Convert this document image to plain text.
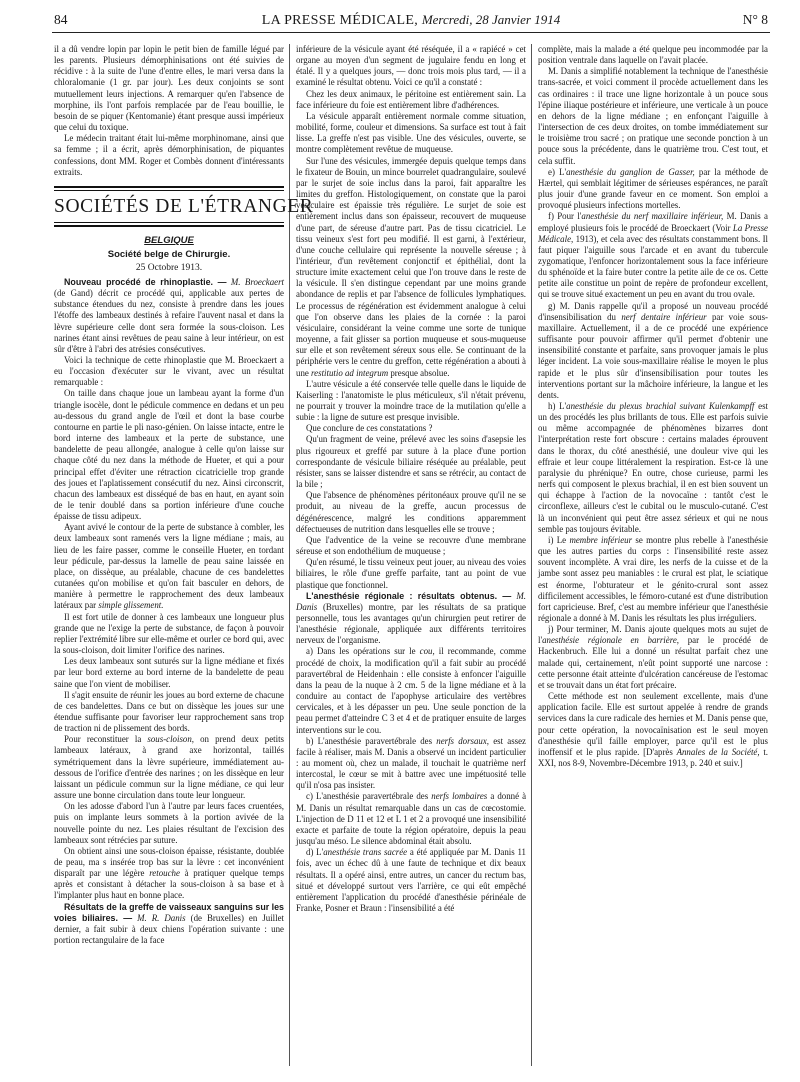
84	LA PRESSE MÉDICALE, Mercredi, 28 Janvier 1914	N° 8

il a dû vendre lopin par lopin le petit bien de famille légué par les parents. Plusieurs démorphinisations ont été suivies de récidive : à la suite de l'une d'entre elles, le mari versa dans la chloralomanie (1 gr. par jour). Les deux conjoints se sont mutuellement leurs injections. A remarquer qu'en l'absence de morphine, ils l'ont parfois remplacée par de l'eau bouillie, le besoin de se piquer (Kentomanie) étant presque aussi impérieux que celui du toxique.

Le médecin traitant était lui-même morphinomane, ainsi que sa femme ; il a écrit, après démorphinisation, de piquantes confessions, dont MM. Roger et Combès donnent d'intéressants extraits.

SOCIÉTÉS DE L'ÉTRANGER
BELGIQUE
Société belge de Chirurgie.
25 Octobre 1913.

Nouveau procédé de rhinoplastie. — M. Broeckaert (de Gand) décrit ce procédé qui, applicable aux pertes de substance étendues du nez, consiste à prendre dans les joues l'étoffe des lambeaux destinés à refaire l'auvent nasal et dans la lèvre supérieure celle dont sera formée la sous-cloison. Les narines étant ainsi revêtues de peau saine à leur intérieur, on est sûr d'être à l'abri des atrésies consécutives.

Voici la technique de cette rhinoplastie que M. Broeckaert a eu l'occasion d'exécuter sur le vivant, avec un résultat remarquable :

On taille dans chaque joue un lambeau ayant la forme d'un triangle isocèle, dont le pédicule commence en dedans et un peu au-dessous du grand angle de l'œil et dont la base courbe contourne en partie le pli naso-génien. On laisse intacte, entre le bord interne des lambeaux et la perte de substance, une bandelette de peau allongée, analogue à celle qu'on laisse sur chaque côté du nez dans la méthode de Hueter, et qui a pour principal effet d'éviter une rétraction cicatricielle trop grande des joues et l'aplatissement consécutif du nez. Ainsi circonscrit, chacun des lambeaux est disséqué de bas en haut, en ayant soin de le tenir doublé dans sa portion inférieure d'une couche épaisse de tissu adipeux.

Ayant avivé le contour de la perte de substance à combler, les deux lambeaux sont ramenés vers la ligne médiane ; mais, au lieu de les faire passer, comme le conseille Hueter, en tordant leur pédicule, par-dessus la lamelle de peau saine laissée en place, on dissèque, au préalable, chacune de ces bandelettes cutanées qu'on mobilise et qu'on fait basculer en dehors, de manière à permettre le rapprochement des deux lambeaux latéraux par simple glissement.

Il est fort utile de donner à ces lambeaux une longueur plus grande que ne l'exige la perte de substance, de façon à pouvoir replier l'extrémité libre sur elle-même et ourler ce bord qui, avec la sous-cloison, doit limiter l'orifice des narines.

Les deux lambeaux sont suturés sur la ligne médiane et fixés par leur bord externe au bord interne de la bandelette de peau saine que l'on vient de mobiliser.

Il s'agit ensuite de réunir les joues au bord externe de chacune de ces bandelettes. Dans ce but on dissèque les joues sur une étendue suffisante pour favoriser leur rapprochement sans trop de traction ni de plissement des bords.

Pour reconstituer la sous-cloison, on prend deux petits lambeaux latéraux, à grand axe horizontal, taillés symétriquement dans la lèvre supérieure, immédiatement au-dessous de l'orifice d'entrée des narines ; on les dissèque en leur laissant un pédicule commun sur la ligne médiane, ce qui leur assure une bonne circulation dans toute leur longueur.

On les adosse d'abord l'un à l'autre par leurs faces cruentées, puis on implante leurs sommets à la portion avivée de la nouvelle pointe du nez. Les plaies résultant de l'excision des lambeaux sont rétrécies par suture.

On obtient ainsi une sous-cloison épaisse, résistante, doublée de peau, ma s insérée trop bas sur la lèvre : cet inconvénient disparaît par une légère retouche à pratiquer quelque temps après et consistant à détacher la sous-cloison à sa base et à l'implanter plus haut en bonne place.

Résultats de la greffe de vaisseaux sanguins sur les voies biliaires. — M. R. Danis (de Bruxelles) en Juillet dernier, a fait subir à deux chiens l'opération suivante : une portion rectangulaire de la face

inférieure de la vésicule ayant été réséquée, il a « rapiécé » cet organe au moyen d'un segment de jugulaire fendu en long et étalé. Il y a quelques jours, — donc trois mois plus tard, — il a examiné le résultat obtenu. Voici ce qu'il a constaté :

Chez les deux animaux, le péritoine est entièrement sain. La face inférieure du foie est entièrement libre d'adhérences.

La vésicule apparaît entièrement normale comme situation, mobilité, forme, couleur et dimensions. Sa surface est tout à fait lisse. La greffe n'est pas visible. Une des vésicules, ouverte, se montre complètement revêtue de muqueuse.

Sur l'une des vésicules, immergée depuis quelque temps dans le fixateur de Bouin, un mince bourrelet quadrangulaire, soulevé par le surjet de soie inclus dans la paroi, fait apparaître les limites du greffon. Histologiquement, on constate que la paroi vésiculaire est épaissie très régulière. Le surjet de soie est entièrement inclus dans son épaisseur, recouvert de muqueuse d'une part, de séreuse d'autre part. Pas de tissu cicatriciel. Le tissu veineux s'est fort peu modifié. Il est garni, à l'extérieur, d'une couche cellulaire qui représente la nouvelle séreuse ; à l'intérieur, d'un revêtement conjonctif et épithélial, dont la structure imite exactement celui que l'on trouve dans le reste de la vésicule. Il s'en distingue cependant par une moins grande abondance de replis et par l'absence de follicules lymphatiques. Le processus de régénération est évidemment analogue à celui que l'on observe dans les plaies de la cornée : la paroi vésiculaire, considérant la veine comme une sorte de tunique moyenne, a fait glisser sa portion muqueuse et sous-muqueuse sur elle et son revêtement séreux sous elle. Se continuant de la périphérie vers le centre du greffon, cette régénération a abouti à une restitutio ad integrum presque absolue.

L'autre vésicule a été conservée telle quelle dans le liquide de Kaiserling : l'anatomiste le plus méticuleux, s'il n'était prévenu, ne pourrait y trouver la moindre trace de la mutilation qu'elle a subie : la ligne de suture est presque invisible.

Que conclure de ces constatations ?

Qu'un fragment de veine, prélevé avec les soins d'asepsie les plus rigoureux et greffé par suture à la place d'une portion correspondante de vésicule biliaire réséquée au préalable, peut résister, sans se laisser distendre et sans se rétrécir, au contact de la bile ;

Que l'absence de phénomènes péritonéaux prouve qu'il ne se produit, au niveau de la greffe, aucun processus de dégénérescence, malgré les conditions apparemment défectueuses de nutrition dans lesquelles elle se trouve ;

Que l'adventice de la veine se recouvre d'une membrane séreuse et son endothélium de muqueuse ;

Qu'en résumé, le tissu veineux peut jouer, au niveau des voies biliaires, le rôle d'une greffe parfaite, tant au point de vue plastique que fonctionnel.

L'anesthésie régionale : résultats obtenus. — M. Danis (Bruxelles) montre, par les résultats de sa pratique personnelle, tous les avantages qu'un chirurgien peut retirer de l'anesthésie régionale, appliquée aux différents territoires nerveux de l'organisme.

a) Dans les opérations sur le cou, il recommande, comme procédé de choix, la modification qu'il a fait subir au procédé paravertébral de Heidenhain : elle consiste à enfoncer l'aiguille dans la peau de la nuque à 2 cm. 5 de la ligne médiane et à la conduire au contact de l'apophyse articulaire des vertèbres cervicales, et à les dépasser un peu. Une seule ponction de la peau permet d'atteindre C 3 et 4 et de pratiquer ensuite de larges interventions sur le cou.

b) L'anesthésie paravertébrale des nerfs dorsaux, est assez facile à réaliser, mais M. Danis a observé un incident particulier : au moment où, chez un malade, il touchait le quatrième nerf intercostal, le cœur se mit à battre avec une impétuosité telle qu'il n'osa pas insister.

c) L'anesthésie paravertébrale des nerfs lombaires a donné à M. Danis un résultat remarquable dans un cas de cœcostomie. L'injection de D 11 et 12 et L 1 et 2 a provoqué une insensibilité exacte et parfaite de toute la région opératoire, depuis la peau jusqu'au méso. Le silence abdominal était absolu.

d) L'anesthésie trans sacrée a été appliquée par M. Danis 11 fois, avec un échec dû à une faute de technique et dix beaux résultats. Il a opéré ainsi, entre autres, un cancer du rectum bas, situé et développé surtout vers l'arrière, ce qui eût empêché entièrement l'application du procédé d'anesthésie périnéale de Franke, Posner et Braun : l'insensibilité a été

complète, mais la malade a été quelque peu incommodée par la position ventrale dans laquelle on l'avait placée.

M. Danis a simplifié notablement la technique de l'anesthésie trans-sacrée, et voici comment il procède actuellement dans les cas ordinaires : il trace une ligne horizontale à un pouce sous l'épine iliaque postérieure et inférieure, une verticale à un pouce en dehors de la ligne médiane ; en enfonçant l'aiguille à l'intersection de ces deux droites, on tombe immédiatement sur le troisième trou sacré ; on pratique une seconde ponction à un pouce sous la précédente, dans le quatrième trou. C'est tout, et cela suffit.

e) L'anesthésie du ganglion de Gasser, par la méthode de Hærtel, qui semblait légitimer de sérieuses espérances, ne paraît plus jouir d'une grande faveur en ce moment. Son emploi a provoqué plusieurs infections mortelles.

f) Pour l'anesthésie du nerf maxillaire inférieur, M. Danis a employé plusieurs fois le procédé de Broeckaert (Voir La Presse Médicale, 1913), et cela avec des résultats constamment bons. Il faut piquer l'aiguille sous l'arcade et en avant du tubercule zygomatique, l'enfoncer horizontalement sous la face inférieure du sphénoïde et la faire buter contre la petite aile de ce os. Cette petite aile constitue un point de repère de profondeur excellent, qui se trouve situé exactement un peu en avant du trou ovale.

g) M. Danis rappelle qu'il a proposé un nouveau procédé d'insensibilisation du nerf dentaire inférieur par voie sous-maxillaire. Actuellement, il a de ce procédé une expérience suffisante pour pouvoir affirmer qu'il permet d'obtenir une insensibilité constante et parfaite, sans provoquer jamais le plus léger incident. La voie sous-maxillaire réalise le moyen le plus rapide et le plus sûr d'insensibilisation pour toutes les interventions portant sur la mâchoire inférieure, la langue et les dents.

h) L'anesthésie du plexus brachial suivant Kulenkampff est un des procédés les plus brillants de tous. Elle est parfois suivie ou même accompagnée de phénomènes bizarres dont l'interprétation reste fort obscure : certains malades éprouvent dans le thorax, du côté anesthésié, une douleur vive qui les effraie et leur coupe littéralement la respiration. Est-ce là une paralysie du phrénique? En outre, chose curieuse, parmi les nerfs qui composent le plexus brachial, il en est bien souvent un qui échappe à l'action de la novocaïne : tantôt c'est le circonflexe, ailleurs c'est le cubital ou le musculo-cutané. C'est là un inconvénient qui peut être assez sérieux et qui ne nous semble pas toujours évitable.

i) Le membre inférieur se montre plus rebelle à l'anesthésie que les autres parties du corps : l'insensibilité reste assez souvent incomplète. A vrai dire, les nerfs de la cuisse et de la jambe sont assez peu maniables : le crural est plat, le sciatique est énorme, l'obturateur et le génito-crural sont assez difficilement accessibles, le fémoro-cutané est d'une distribution fort capricieuse. Bref, c'est au membre inférieur que l'anesthésie régionale a donné à M. Danis les résultats les plus irréguliers.

j) Pour terminer, M. Danis ajoute quelques mots au sujet de l'anesthésie régionale en barrière, par le procédé de Hackenbruch. Elle lui a donné un résultat parfait chez une malade qui, certainement, n'eût point supporté une narcose : cette personne était atteinte d'ulcération cancéreuse de l'estomac et se trouvait dans un état fort précaire.

Cette méthode est non seulement excellente, mais d'une application facile. Elle est surtout appelée à rendre de grands services dans la cure radicale des hernies et M. Danis pense que, pour cette opération, la novocaïnisation est le seul moyen d'anesthésie qu'il faille employer, parce qu'il est le plus inoffensif et le plus rapide. [D'après Annales de la Société, t. XXI, nos 8-9, Novembre-Décembre 1913, p. 240 et suiv.]
